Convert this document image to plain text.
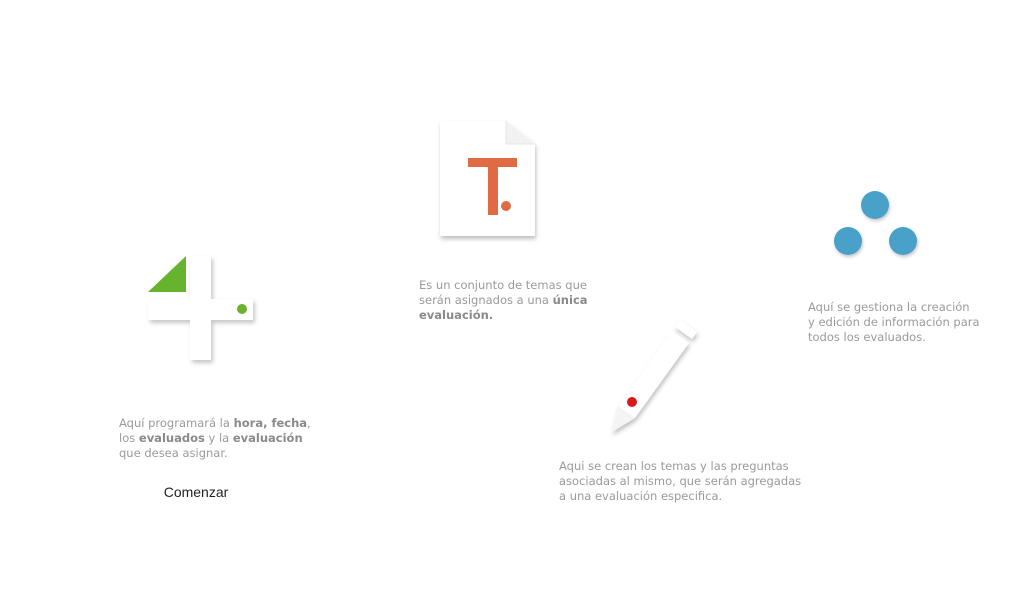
Aquí programará la hora, fecha,
los evaluados y la evaluación
que desea asignar.

Comenzar

Es un conjunto de temas que
serán asignados a una única
evaluación.

Aqui se crean los temas y las preguntas
asociadas al mismo, que serán agregadas
a una evaluación especifica.

Aquí se gestiona la creación
y edición de información para
todos los evaluados.
